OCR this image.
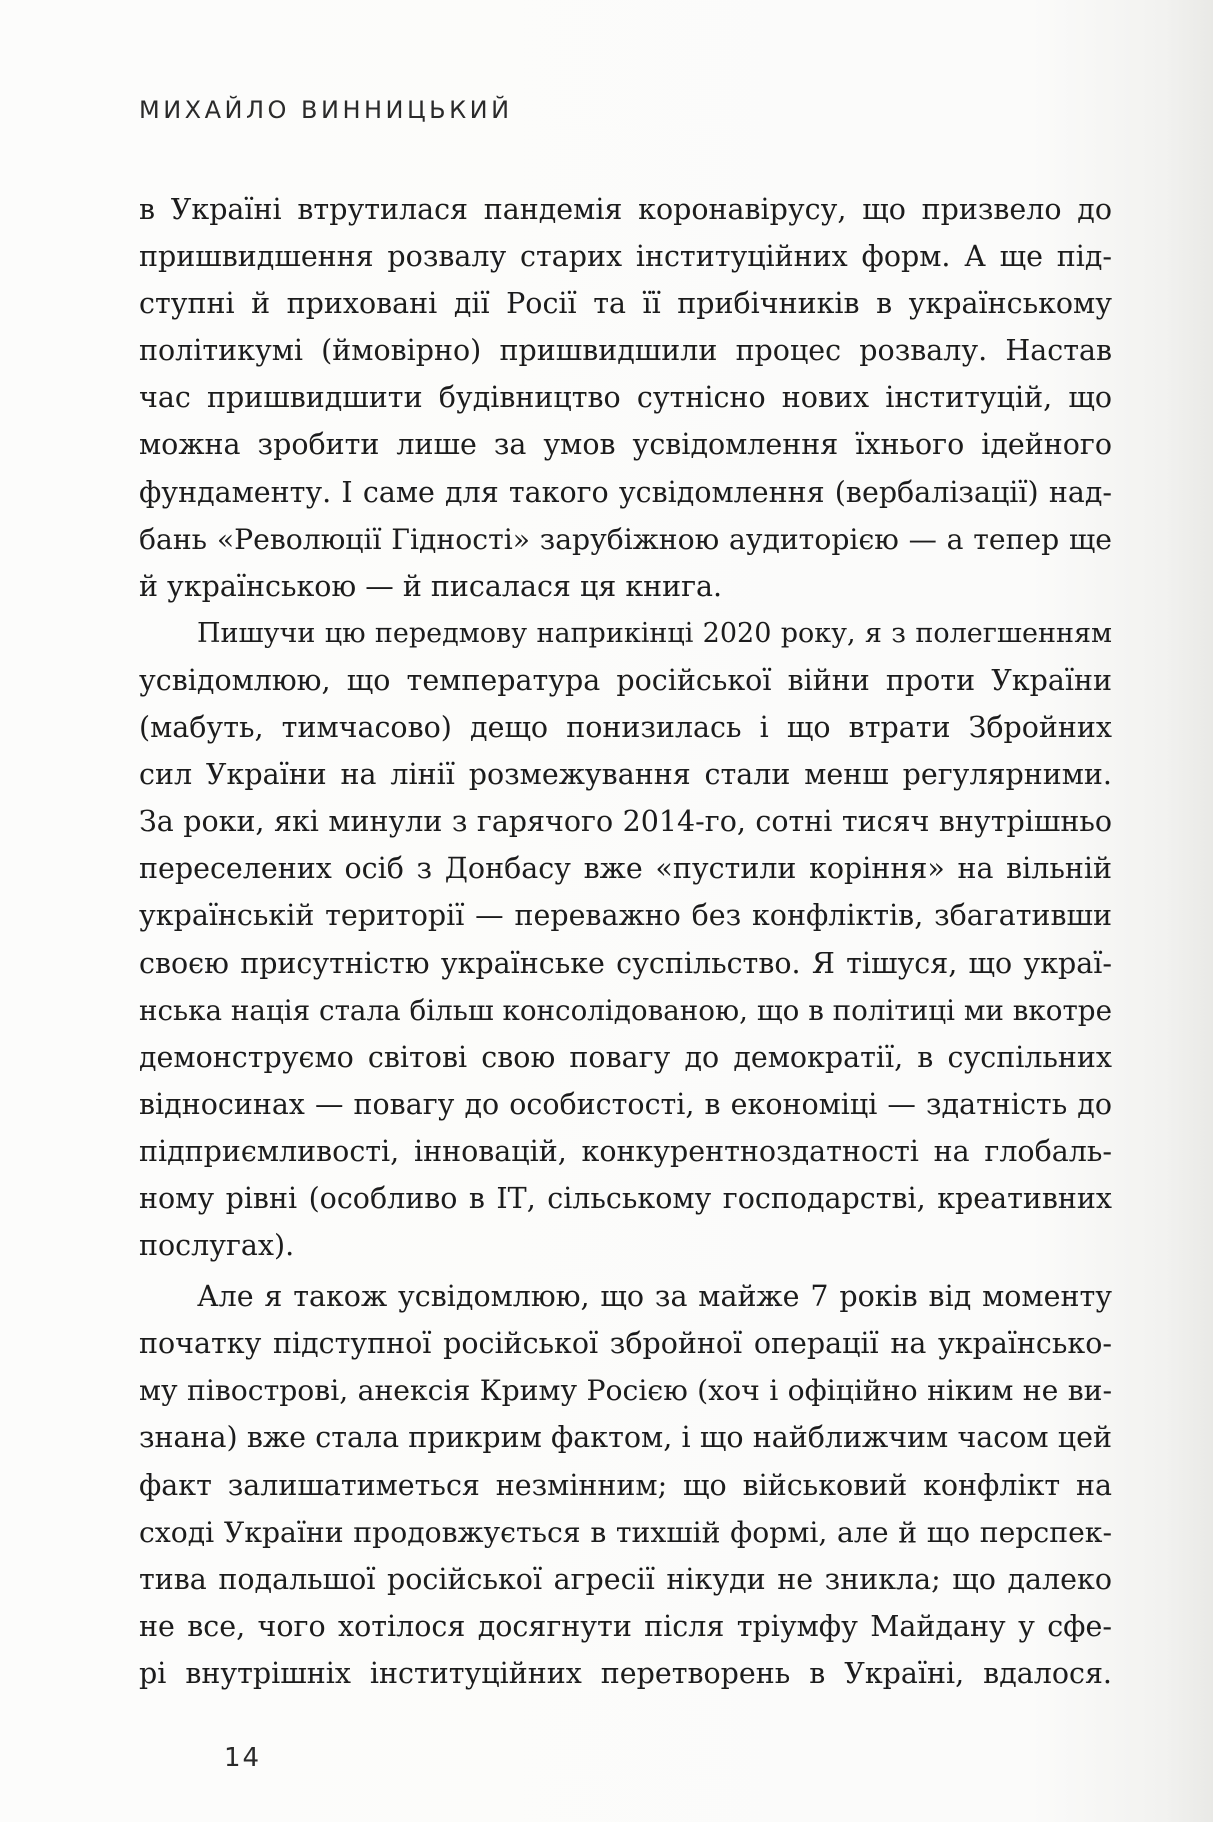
МИХАЙЛО ВИННИЦЬКИЙ
в Україні втрутилася пандемія коронавірусу, що призвело до
пришвидшення розвалу старих інституційних форм. А ще під-
ступні й приховані дії Росії та її прибічників в українському
політикумі (ймовірно) пришвидшили процес розвалу. Настав
час пришвидшити будівництво сутнісно нових інституцій, що
можна зробити лише за умов усвідомлення їхнього ідейного
фундаменту. І саме для такого усвідомлення (вербалізації) над-
бань «Революції Гідності» зарубіжною аудиторією — а тепер ще
й українською — й писалася ця книга.
Пишучи цю передмову наприкінці 2020 року, я з полегшенням
усвідомлюю, що температура російської війни проти України
(мабуть, тимчасово) дещо понизилась і що втрати Збройних
сил України на лінії розмежування стали менш регулярними.
За роки, які минули з гарячого 2014-го, сотні тисяч внутрішньо
переселених осіб з Донбасу вже «пустили коріння» на вільній
українській території — переважно без конфліктів, збагативши
своєю присутністю українське суспільство. Я тішуся, що украї-
нська нація стала більш консолідованою, що в політиці ми вкотре
демонструємо світові свою повагу до демократії, в суспільних
відносинах — повагу до особистості, в економіці — здатність до
підприємливості, інновацій, конкурентноздатності на глобаль-
ному рівні (особливо в ІТ, сільському господарстві, креативних
послугах).
Але я також усвідомлюю, що за майже 7 років від моменту
початку підступної російської збройної операції на українсько-
му півострові, анексія Криму Росією (хоч і офіційно ніким не ви-
знана) вже стала прикрим фактом, і що найближчим часом цей
факт залишатиметься незмінним; що військовий конфлікт на
сході України продовжується в тихшій формі, але й що перспек-
тива подальшої російської агресії нікуди не зникла; що далеко
не все, чого хотілося досягнути після тріумфу Майдану у сфе-
рі внутрішніх інституційних перетворень в Україні, вдалося.
14
